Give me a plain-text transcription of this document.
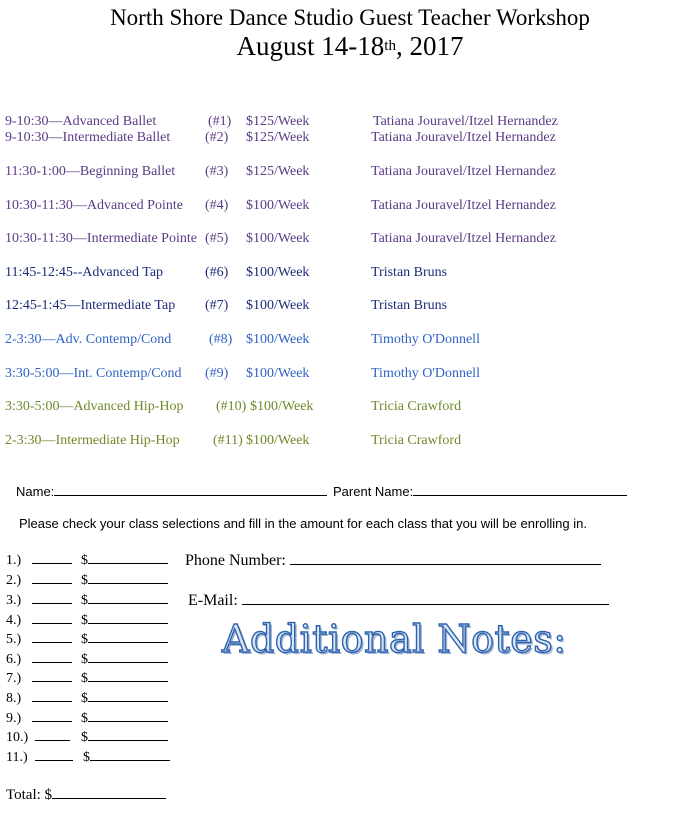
North Shore Dance Studio Guest Teacher Workshop
August 14-18th, 2017
9-10:30—Advanced Ballet	(#1) $125/Week	Tatiana Jouravel/Itzel Hernandez
9-10:30—Intermediate Ballet (#2) $125/Week	Tatiana Jouravel/Itzel Hernandez
11:30-1:00—Beginning Ballet (#3) $125/Week	Tatiana Jouravel/Itzel Hernandez
10:30-11:30—Advanced Pointe (#4) $100/Week	Tatiana Jouravel/Itzel Hernandez
10:30-11:30—Intermediate Pointe (#5) $100/Week	Tatiana Jouravel/Itzel Hernandez
11:45-12:45--Advanced Tap	(#6) $100/Week	Tristan Bruns
12:45-1:45—Intermediate Tap (#7) $100/Week	Tristan Bruns
2-3:30—Adv. Contemp/Cond	(#8) $100/Week	Timothy O'Donnell
3:30-5:00—Int. Contemp/Cond (#9) $100/Week	Timothy O'Donnell
3:30-5:00—Advanced Hip-Hop (#10) $100/Week	Tricia Crawford
2-3:30—Intermediate Hip-Hop (#11) $100/Week	Tricia Crawford
Name:	Parent Name:
Please check your class selections and fill in the amount for each class that you will be enrolling in.
1.)	$
2.)	$
3.)	$
4.)	$
5.)	$
6.)	$
7.)	$
8.)	$
9.)	$
10.)	$
11.)	$
Phone Number:
E-Mail:
Additional Notes:
Total: $
